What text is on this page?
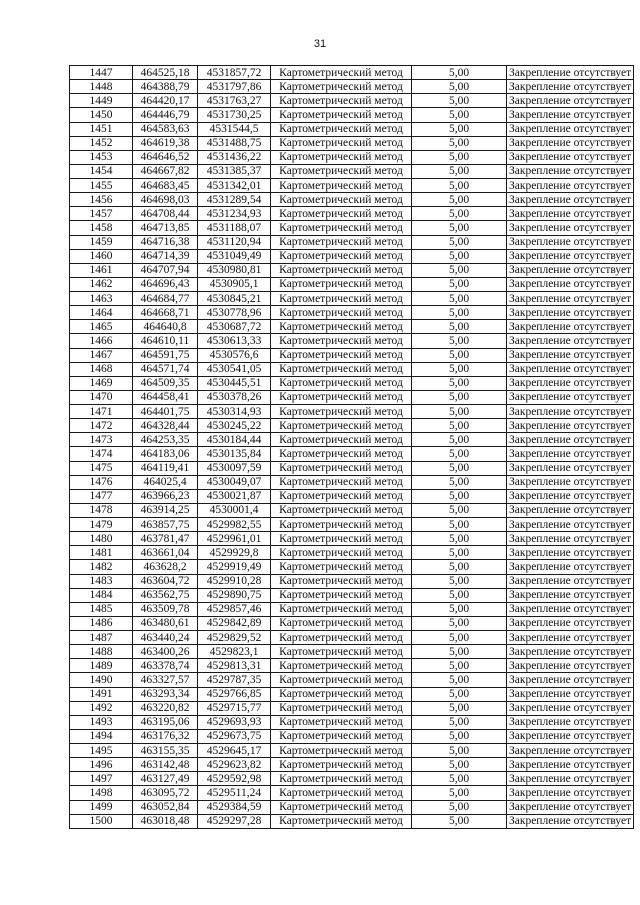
31
1447	464525,18	4531857,72	Картометрический метод	5,00	Закрепление отсутствует
1448	464388,79	4531797,86	Картометрический метод	5,00	Закрепление отсутствует
1449	464420,17	4531763,27	Картометрический метод	5,00	Закрепление отсутствует
1450	464446,79	4531730,25	Картометрический метод	5,00	Закрепление отсутствует
1451	464583,63	4531544,5	Картометрический метод	5,00	Закрепление отсутствует
1452	464619,38	4531488,75	Картометрический метод	5,00	Закрепление отсутствует
1453	464646,52	4531436,22	Картометрический метод	5,00	Закрепление отсутствует
1454	464667,82	4531385,37	Картометрический метод	5,00	Закрепление отсутствует
1455	464683,45	4531342,01	Картометрический метод	5,00	Закрепление отсутствует
1456	464698,03	4531289,54	Картометрический метод	5,00	Закрепление отсутствует
1457	464708,44	4531234,93	Картометрический метод	5,00	Закрепление отсутствует
1458	464713,85	4531188,07	Картометрический метод	5,00	Закрепление отсутствует
1459	464716,38	4531120,94	Картометрический метод	5,00	Закрепление отсутствует
1460	464714,39	4531049,49	Картометрический метод	5,00	Закрепление отсутствует
1461	464707,94	4530980,81	Картометрический метод	5,00	Закрепление отсутствует
1462	464696,43	4530905,1	Картометрический метод	5,00	Закрепление отсутствует
1463	464684,77	4530845,21	Картометрический метод	5,00	Закрепление отсутствует
1464	464668,71	4530778,96	Картометрический метод	5,00	Закрепление отсутствует
1465	464640,8	4530687,72	Картометрический метод	5,00	Закрепление отсутствует
1466	464610,11	4530613,33	Картометрический метод	5,00	Закрепление отсутствует
1467	464591,75	4530576,6	Картометрический метод	5,00	Закрепление отсутствует
1468	464571,74	4530541,05	Картометрический метод	5,00	Закрепление отсутствует
1469	464509,35	4530445,51	Картометрический метод	5,00	Закрепление отсутствует
1470	464458,41	4530378,26	Картометрический метод	5,00	Закрепление отсутствует
1471	464401,75	4530314,93	Картометрический метод	5,00	Закрепление отсутствует
1472	464328,44	4530245,22	Картометрический метод	5,00	Закрепление отсутствует
1473	464253,35	4530184,44	Картометрический метод	5,00	Закрепление отсутствует
1474	464183,06	4530135,84	Картометрический метод	5,00	Закрепление отсутствует
1475	464119,41	4530097,59	Картометрический метод	5,00	Закрепление отсутствует
1476	464025,4	4530049,07	Картометрический метод	5,00	Закрепление отсутствует
1477	463966,23	4530021,87	Картометрический метод	5,00	Закрепление отсутствует
1478	463914,25	4530001,4	Картометрический метод	5,00	Закрепление отсутствует
1479	463857,75	4529982,55	Картометрический метод	5,00	Закрепление отсутствует
1480	463781,47	4529961,01	Картометрический метод	5,00	Закрепление отсутствует
1481	463661,04	4529929,8	Картометрический метод	5,00	Закрепление отсутствует
1482	463628,2	4529919,49	Картометрический метод	5,00	Закрепление отсутствует
1483	463604,72	4529910,28	Картометрический метод	5,00	Закрепление отсутствует
1484	463562,75	4529890,75	Картометрический метод	5,00	Закрепление отсутствует
1485	463509,78	4529857,46	Картометрический метод	5,00	Закрепление отсутствует
1486	463480,61	4529842,89	Картометрический метод	5,00	Закрепление отсутствует
1487	463440,24	4529829,52	Картометрический метод	5,00	Закрепление отсутствует
1488	463400,26	4529823,1	Картометрический метод	5,00	Закрепление отсутствует
1489	463378,74	4529813,31	Картометрический метод	5,00	Закрепление отсутствует
1490	463327,57	4529787,35	Картометрический метод	5,00	Закрепление отсутствует
1491	463293,34	4529766,85	Картометрический метод	5,00	Закрепление отсутствует
1492	463220,82	4529715,77	Картометрический метод	5,00	Закрепление отсутствует
1493	463195,06	4529693,93	Картометрический метод	5,00	Закрепление отсутствует
1494	463176,32	4529673,75	Картометрический метод	5,00	Закрепление отсутствует
1495	463155,35	4529645,17	Картометрический метод	5,00	Закрепление отсутствует
1496	463142,48	4529623,82	Картометрический метод	5,00	Закрепление отсутствует
1497	463127,49	4529592,98	Картометрический метод	5,00	Закрепление отсутствует
1498	463095,72	4529511,24	Картометрический метод	5,00	Закрепление отсутствует
1499	463052,84	4529384,59	Картометрический метод	5,00	Закрепление отсутствует
1500	463018,48	4529297,28	Картометрический метод	5,00	Закрепление отсутствует
